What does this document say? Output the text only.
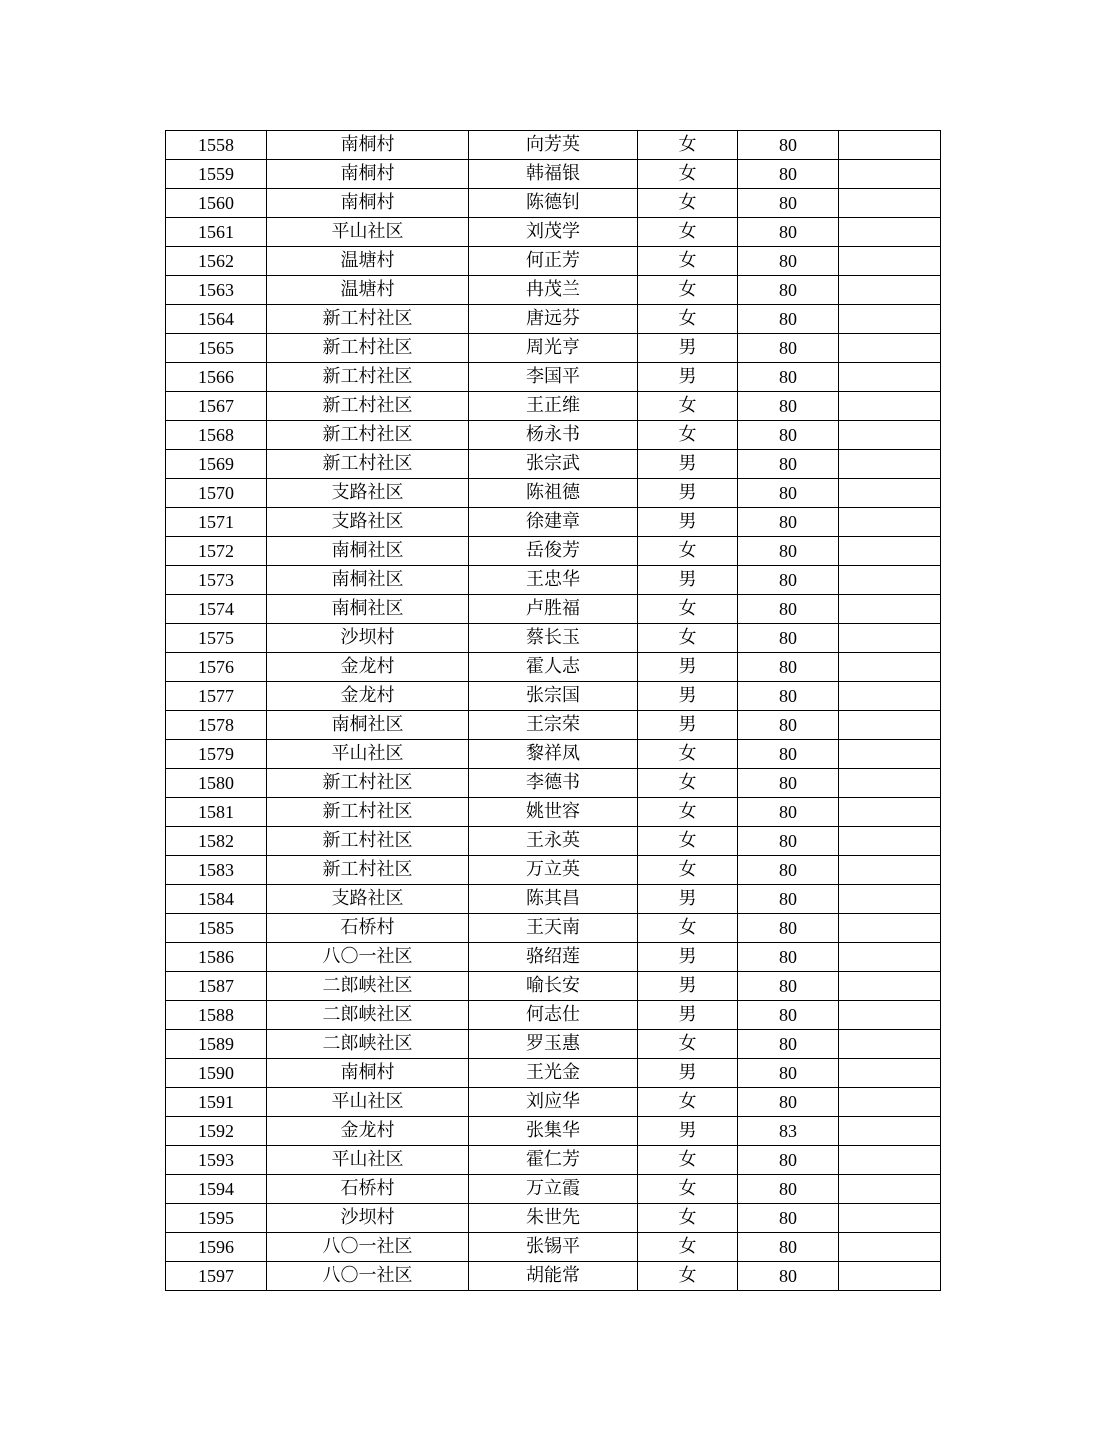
1558	南桐村	向芳英	女	80	
1559	南桐村	韩福银	女	80	
1560	南桐村	陈德钊	女	80	
1561	平山社区	刘茂学	女	80	
1562	温塘村	何正芳	女	80	
1563	温塘村	冉茂兰	女	80	
1564	新工村社区	唐远芬	女	80	
1565	新工村社区	周光亨	男	80	
1566	新工村社区	李国平	男	80	
1567	新工村社区	王正维	女	80	
1568	新工村社区	杨永书	女	80	
1569	新工村社区	张宗武	男	80	
1570	支路社区	陈祖德	男	80	
1571	支路社区	徐建章	男	80	
1572	南桐社区	岳俊芳	女	80	
1573	南桐社区	王忠华	男	80	
1574	南桐社区	卢胜福	女	80	
1575	沙坝村	蔡长玉	女	80	
1576	金龙村	霍人志	男	80	
1577	金龙村	张宗国	男	80	
1578	南桐社区	王宗荣	男	80	
1579	平山社区	黎祥凤	女	80	
1580	新工村社区	李德书	女	80	
1581	新工村社区	姚世容	女	80	
1582	新工村社区	王永英	女	80	
1583	新工村社区	万立英	女	80	
1584	支路社区	陈其昌	男	80	
1585	石桥村	王天南	女	80	
1586	八〇一社区	骆绍莲	男	80	
1587	二郎峡社区	喻长安	男	80	
1588	二郎峡社区	何志仕	男	80	
1589	二郎峡社区	罗玉惠	女	80	
1590	南桐村	王光金	男	80	
1591	平山社区	刘应华	女	80	
1592	金龙村	张集华	男	83	
1593	平山社区	霍仁芳	女	80	
1594	石桥村	万立霞	女	80	
1595	沙坝村	朱世先	女	80	
1596	八〇一社区	张锡平	女	80	
1597	八〇一社区	胡能常	女	80	
